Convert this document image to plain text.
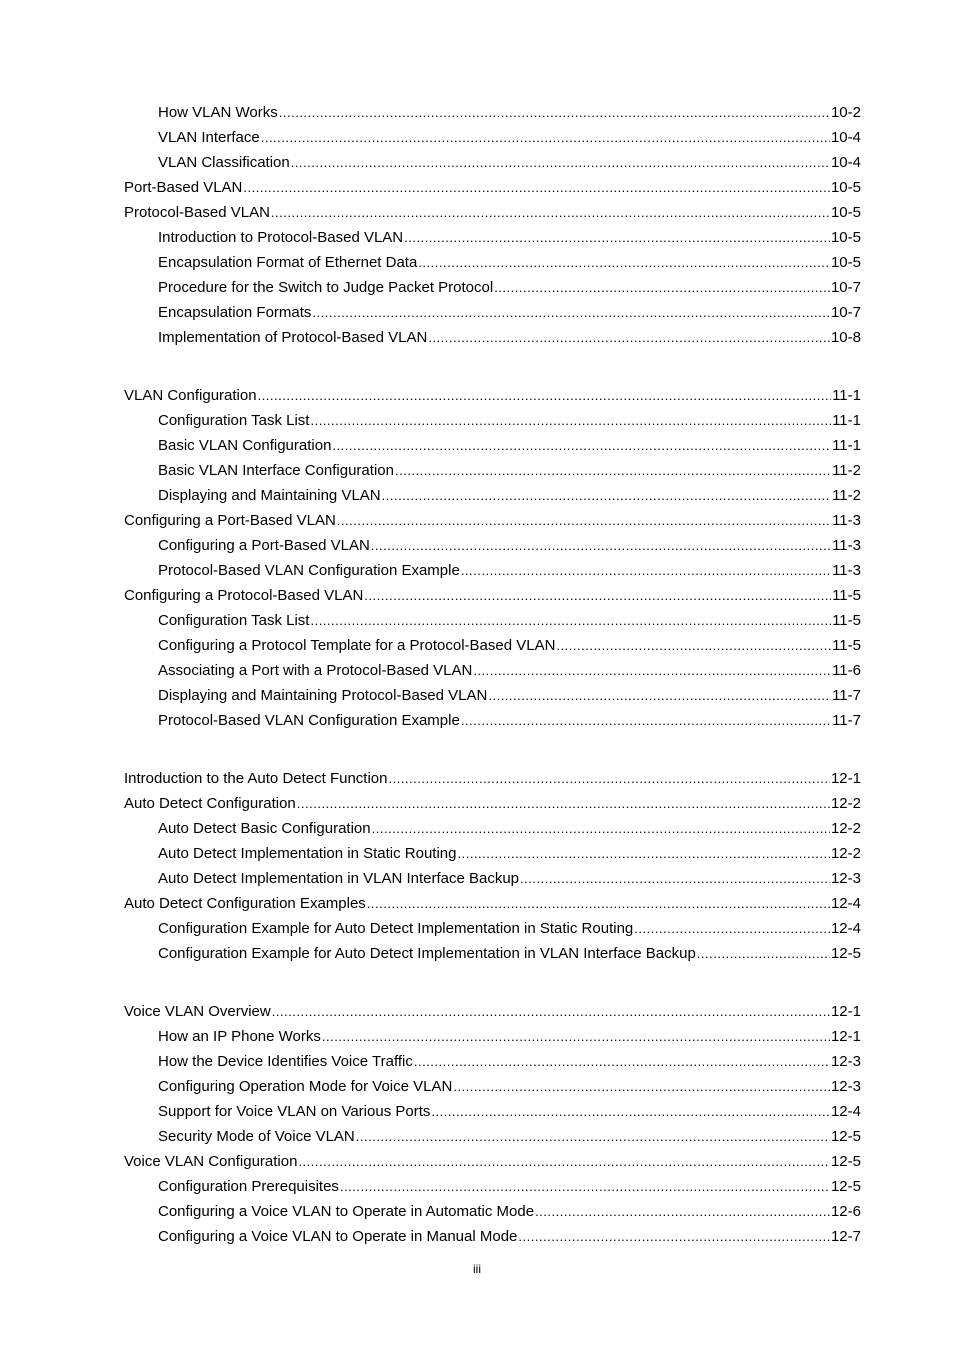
How VLAN Works .....	10-2
VLAN Interface .....	10-4
VLAN Classification .....	10-4
Port-Based VLAN .....	10-5
Protocol-Based VLAN .....	10-5
Introduction to Protocol-Based VLAN .....	10-5
Encapsulation Format of Ethernet Data .....	10-5
Procedure for the Switch to Judge Packet Protocol .....	10-7
Encapsulation Formats .....	10-7
Implementation of Protocol-Based VLAN .....	10-8
VLAN Configuration .....	11-1
Configuration Task List .....	11-1
Basic VLAN Configuration .....	11-1
Basic VLAN Interface Configuration .....	11-2
Displaying and Maintaining VLAN .....	11-2
Configuring a Port-Based VLAN .....	11-3
Configuring a Port-Based VLAN .....	11-3
Protocol-Based VLAN Configuration Example .....	11-3
Configuring a Protocol-Based VLAN .....	11-5
Configuration Task List .....	11-5
Configuring a Protocol Template for a Protocol-Based VLAN .....	11-5
Associating a Port with a Protocol-Based VLAN .....	11-6
Displaying and Maintaining Protocol-Based VLAN .....	11-7
Protocol-Based VLAN Configuration Example .....	11-7
Introduction to the Auto Detect Function .....	12-1
Auto Detect Configuration .....	12-2
Auto Detect Basic Configuration .....	12-2
Auto Detect Implementation in Static Routing .....	12-2
Auto Detect Implementation in VLAN Interface Backup .....	12-3
Auto Detect Configuration Examples .....	12-4
Configuration Example for Auto Detect Implementation in Static Routing .....	12-4
Configuration Example for Auto Detect Implementation in VLAN Interface Backup .....	12-5
Voice VLAN Overview .....	12-1
How an IP Phone Works .....	12-1
How the Device Identifies Voice Traffic .....	12-3
Configuring Operation Mode for Voice VLAN .....	12-3
Support for Voice VLAN on Various Ports .....	12-4
Security Mode of Voice VLAN .....	12-5
Voice VLAN Configuration .....	12-5
Configuration Prerequisites .....	12-5
Configuring a Voice VLAN to Operate in Automatic Mode .....	12-6
Configuring a Voice VLAN to Operate in Manual Mode .....	12-7
iii
